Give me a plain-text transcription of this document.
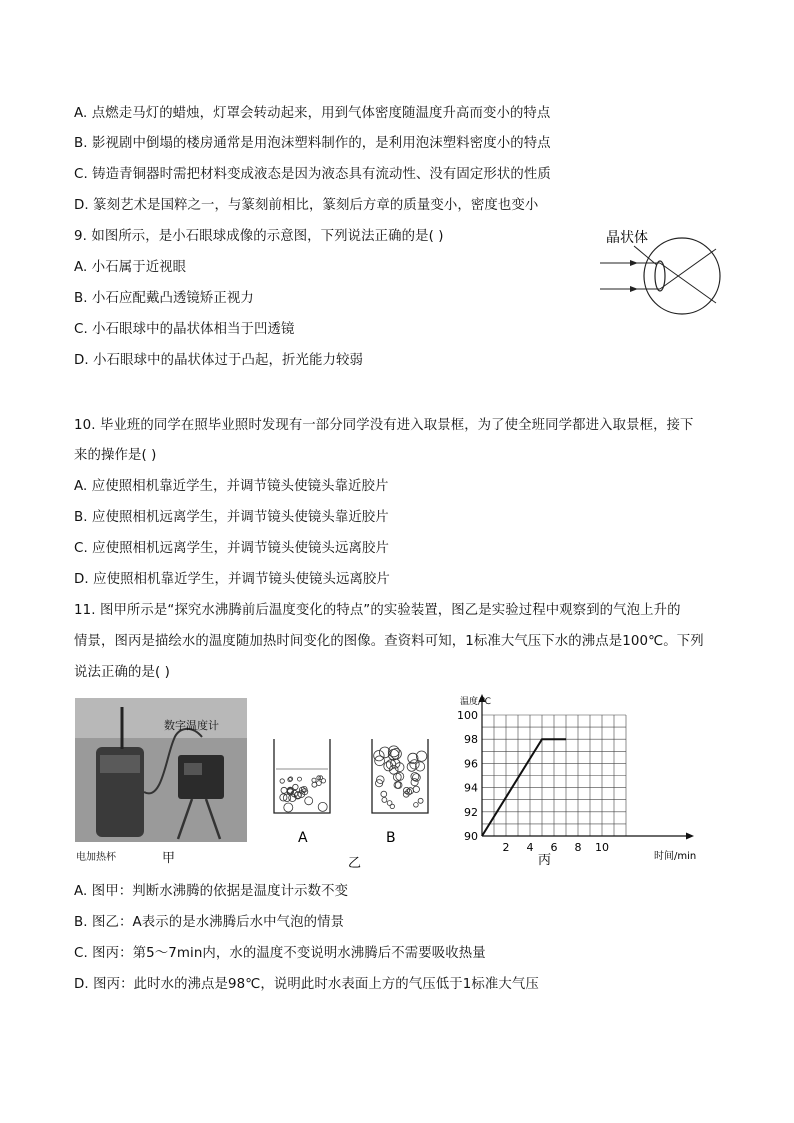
A. 点燃走马灯的蜡烛，灯罩会转动起来，用到气体密度随温度升高而变小的特点
B. 影视剧中倒塌的楼房通常是用泡沫塑料制作的，是利用泡沫塑料密度小的特点
C. 铸造青铜器时需把材料变成液态是因为液态具有流动性、没有固定形状的性质
D. 篆刻艺术是国粹之一，与篆刻前相比，篆刻后方章的质量变小，密度也变小
9. 如图所示，是小石眼球成像的示意图，下列说法正确的是( )
A. 小石属于近视眼
B. 小石应配戴凸透镜矫正视力
C. 小石眼球中的晶状体相当于凹透镜
D. 小石眼球中的晶状体过于凸起，折光能力较弱
晶状体
10. 毕业班的同学在照毕业照时发现有一部分同学没有进入取景框，为了使全班同学都进入取景框，接下
来的操作是( )
A. 应使照相机靠近学生，并调节镜头使镜头靠近胶片
B. 应使照相机远离学生，并调节镜头使镜头靠近胶片
C. 应使照相机远离学生，并调节镜头使镜头远离胶片
D. 应使照相机靠近学生，并调节镜头使镜头远离胶片
11. 图甲所示是“探究水沸腾前后温度变化的特点”的实验装置，图乙是实验过程中观察到的气泡上升的
情景，图丙是描绘水的温度随加热时间变化的图像。查资料可知，1标准大气压下水的沸点是100℃。下列
说法正确的是( )
数字温度计
电加热杯	甲
A	B
乙
90
92
94
96
98
100
2 4 6 8 10
温度/℃
时间/min
丙
A. 图甲：判断水沸腾的依据是温度计示数不变
B. 图乙：A表示的是水沸腾后水中气泡的情景
C. 图丙：第5～7min内，水的温度不变说明水沸腾后不需要吸收热量
D. 图丙：此时水的沸点是98℃，说明此时水表面上方的气压低于1标准大气压
